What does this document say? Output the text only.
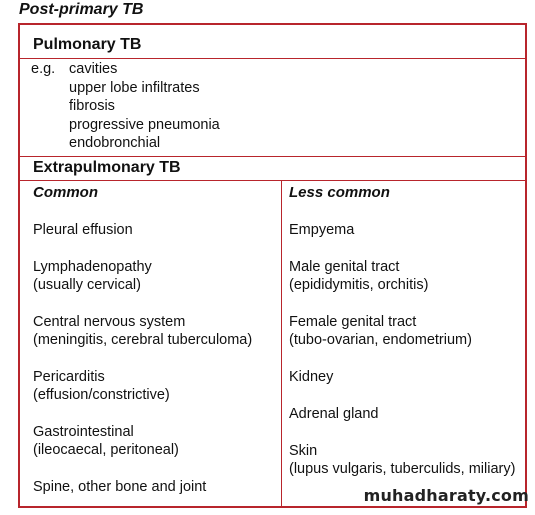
Post-primary TB
Pulmonary TB
e.g. cavities
upper lobe infiltrates
fibrosis
progressive pneumonia
endobronchial
Extrapulmonary TB
Common	Less common
Pleural effusion
Lymphadenopathy
(usually cervical)
Central nervous system
(meningitis, cerebral tuberculoma)
Pericarditis
(effusion/constrictive)
Gastrointestinal
(ileocaecal, peritoneal)
Spine, other bone and joint
Empyema
Male genital tract
(epididymitis, orchitis)
Female genital tract
(tubo-ovarian, endometrium)
Kidney
Adrenal gland
Skin
(lupus vulgaris, tuberculids, miliary)
muhadharaty.com
